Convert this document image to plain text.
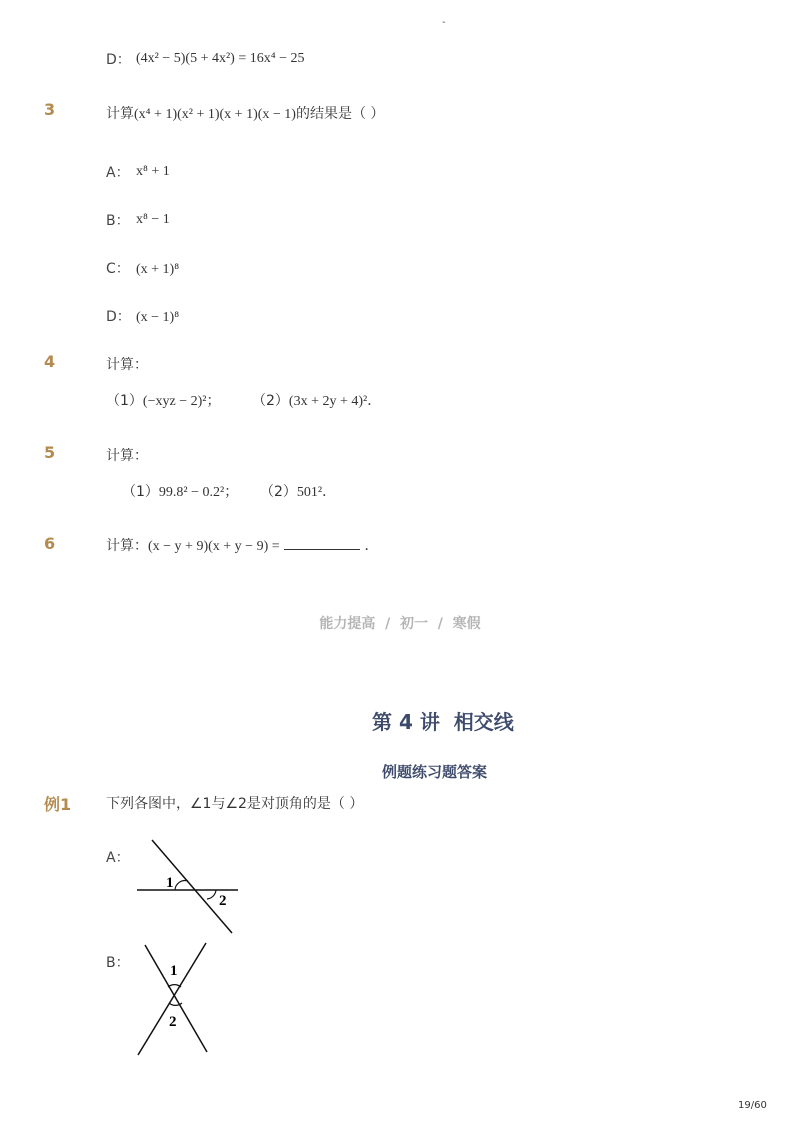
-
D： (4x² − 5)(5 + 4x²) = 16x⁴ − 25
3	计算(x⁴ + 1)(x² + 1)(x + 1)(x − 1)的结果是（ ）
A： x⁸ + 1
B： x⁸ − 1
C： (x + 1)⁸
D： (x − 1)⁸
4	计算：
（1）(−xyz − 2)²； （2）(3x + 2y + 4)²．
5	计算：
（1）99.8² − 0.2²； （2）501²．
6	计算：(x − y + 9)(x + y − 9) =	．
能力提高  /  初一  /  寒假
第 4 讲  相交线
例题练习题答案
例1 下列各图中，∠1与∠2是对顶角的是（ ）
A：
1
2
B：	1
2
19/60
